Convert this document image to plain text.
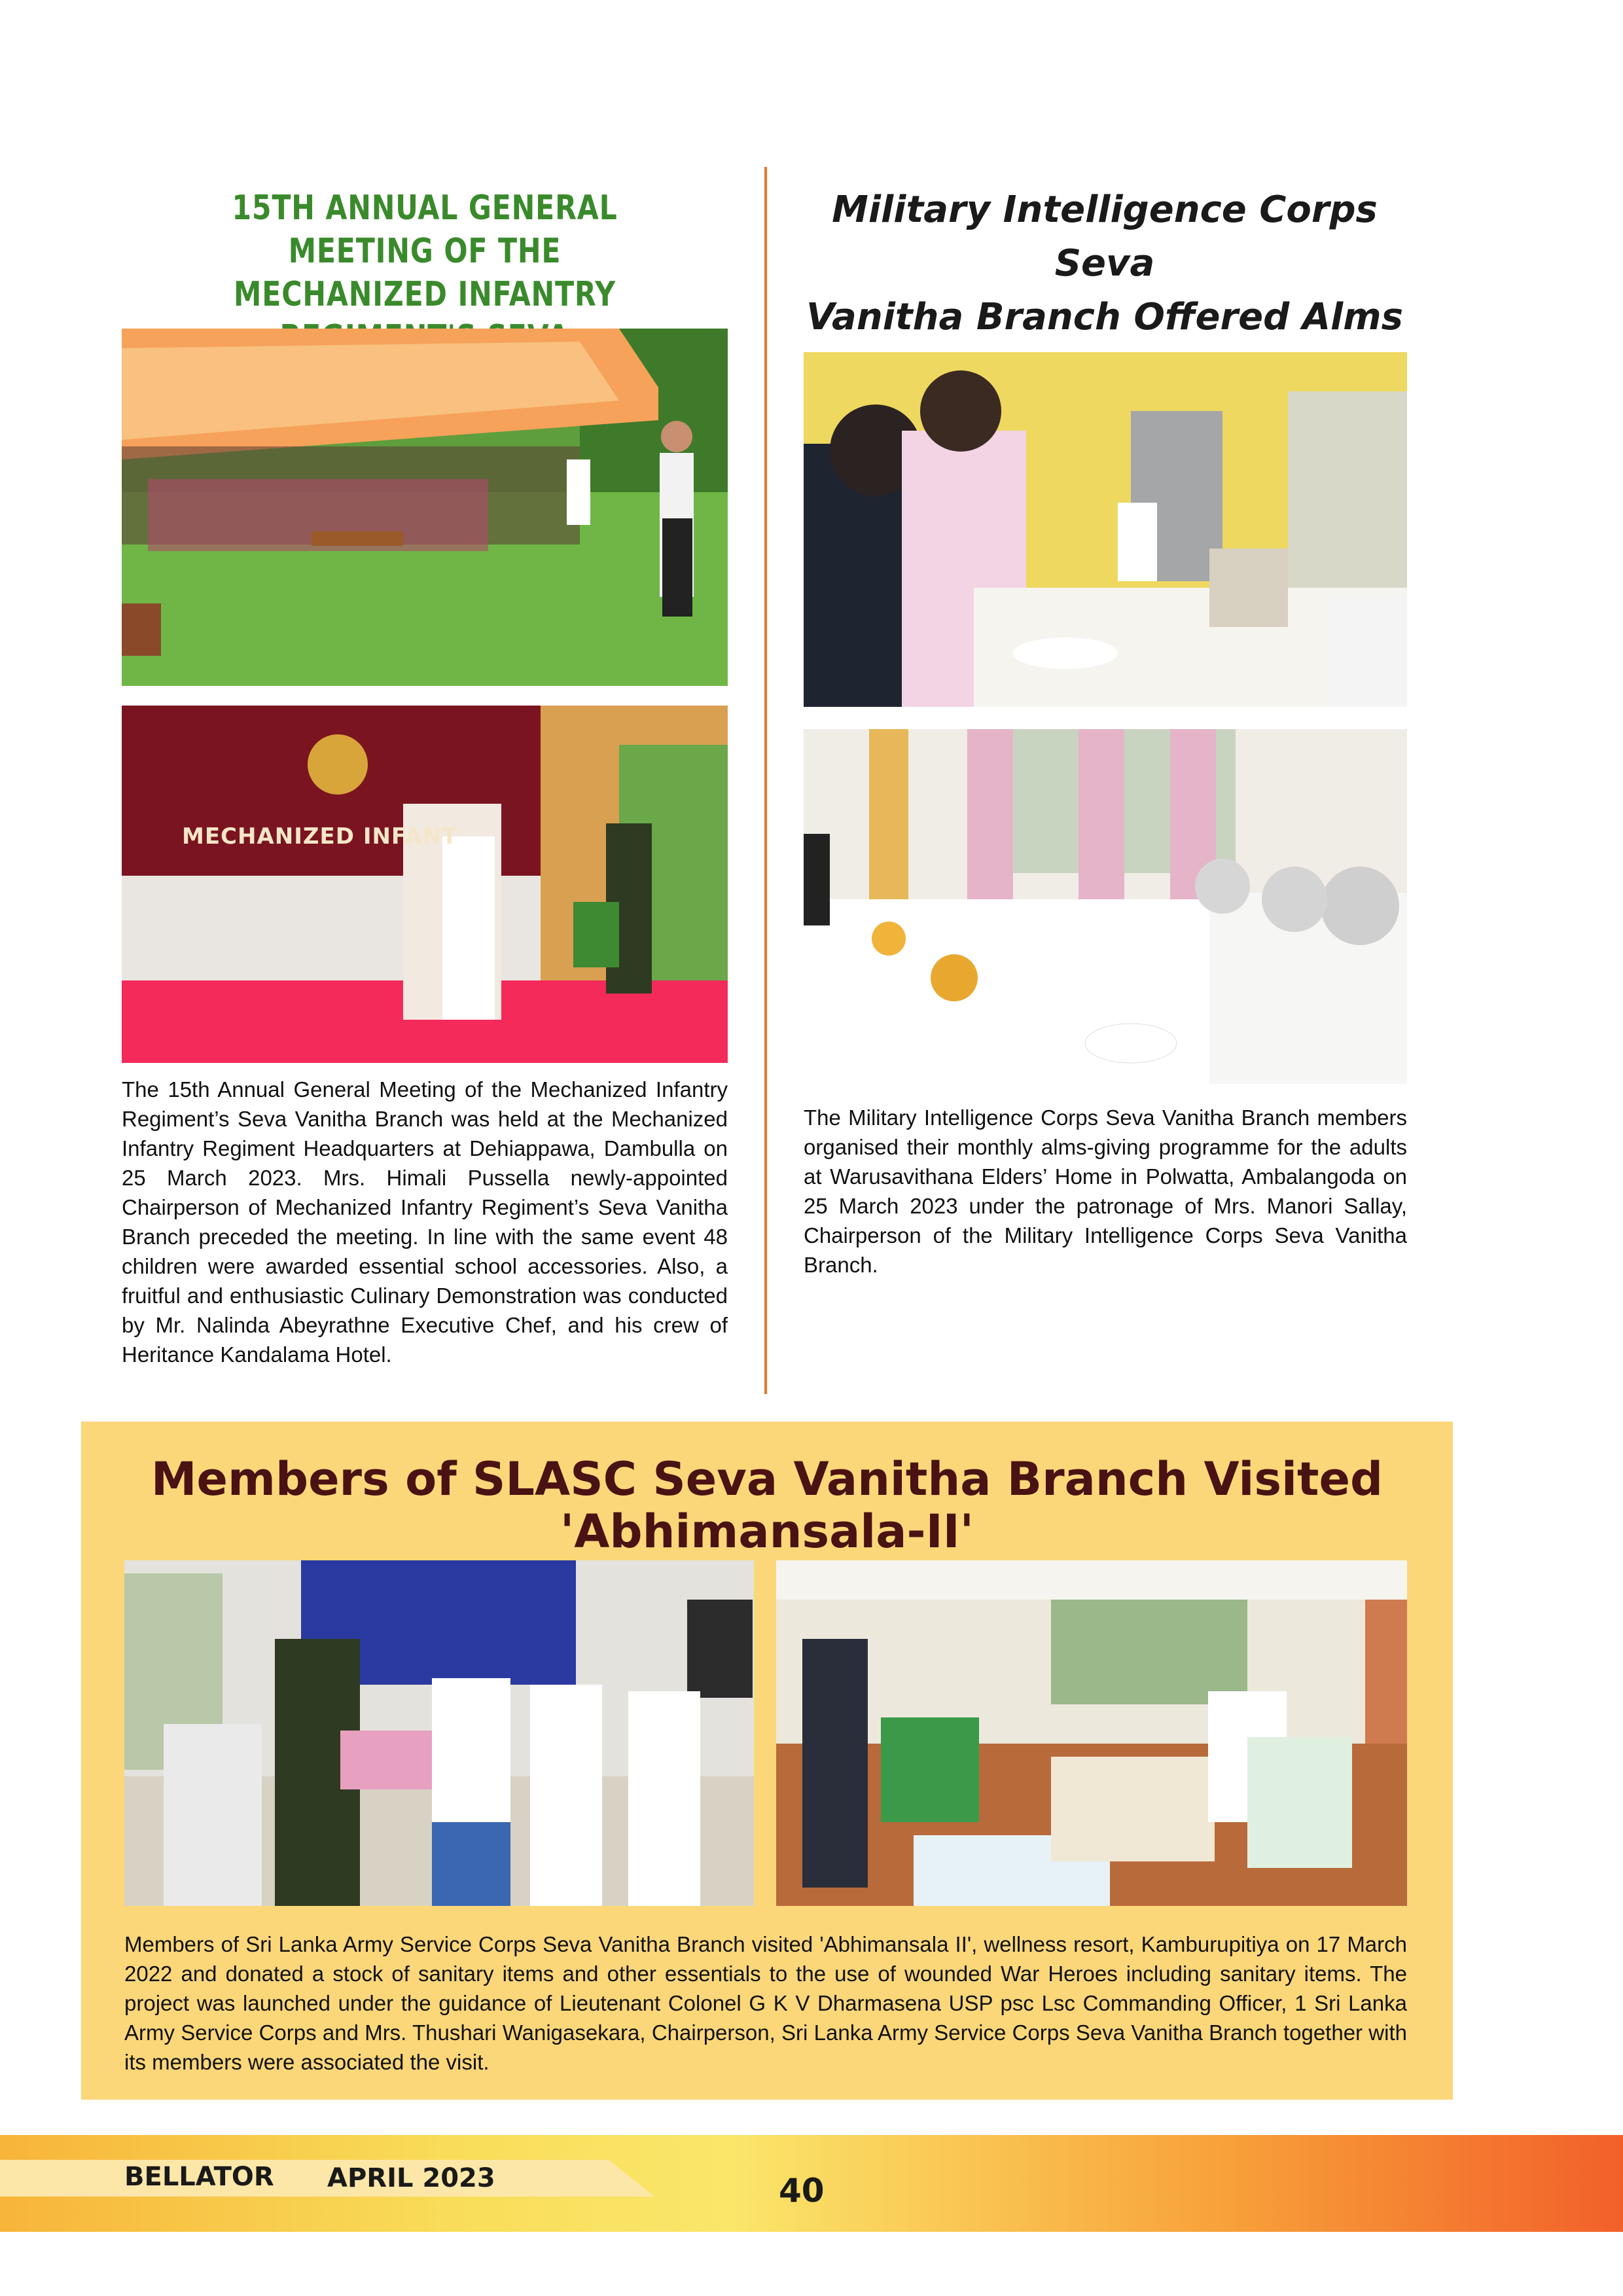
15TH ANNUAL GENERAL MEETING OF THE
MECHANIZED INFANTRY
MECHANIZED INFANT
The 15th Annual General Meeting of the Mechanized Infantry Regiment’s Seva Vanitha Branch was held at the Mechanized Infantry Regiment Headquarters at Dehiappawa, Dambulla on 25 March 2023. Mrs. Himali Pussella newly-appointed Chairperson of Mechanized Infantry Regiment’s Seva Vanitha Branch preceded the meeting. In line with the same event 48 children were awarded essential school accessories. Also, a fruitful and enthusiastic Culinary Demonstration was conducted by Mr. Nalinda Abeyrathne Executive Chef, and his crew of Heritance Kandalama Hotel.
Military Intelligence Corps Seva
Vanitha Branch Offered Alms
The Military Intelligence Corps Seva Vanitha Branch members organised their monthly alms-giving programme for the adults at Warusavithana Elders’ Home in Polwatta, Ambalangoda on 25 March 2023 under the patronage of Mrs. Manori Sallay, Chairperson of the Military Intelligence Corps Seva Vanitha Branch.
Members of SLASC Seva Vanitha Branch Visited
'Abhimansala-II'
Members of Sri Lanka Army Service Corps Seva Vanitha Branch visited 'Abhimansala II', wellness resort, Kamburupitiya on 17 March 2022 and donated a stock of sanitary items and other essentials to the use of wounded War Heroes including sanitary items. The project was launched under the guidance of Lieutenant Colonel G K V Dharmasena USP psc Lsc Commanding Officer, 1 Sri Lanka Army Service Corps and Mrs. Thushari Wanigasekara, Chairperson, Sri Lanka Army Service Corps Seva Vanitha Branch together with its members were associated the visit.
BELLATOR APRIL 2023	40
